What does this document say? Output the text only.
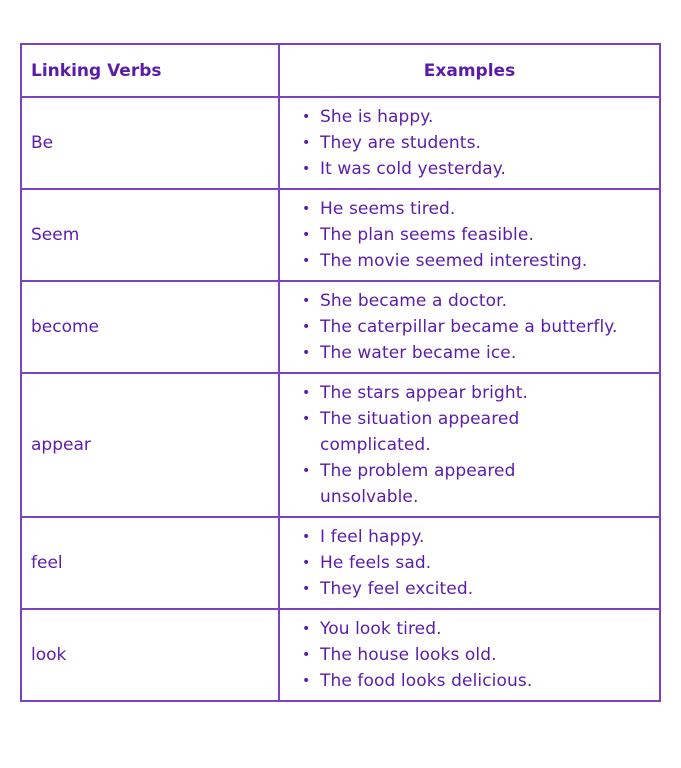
Linking Verbs	Examples
Be	
• She is happy.
• They are students.
• It was cold yesterday.

Seem	
• He seems tired.
• The plan seems feasible.
• The movie seemed interesting.

become	
• She became a doctor.
• The caterpillar became a butterfly.
• The water became ice.

appear	
• The stars appear bright.
• The situation appeared complicated.
• The problem appeared unsolvable.

feel	
• I feel happy.
• He feels sad.
• They feel excited.

look	
• You look tired.
• The house looks old.
• The food looks delicious.
